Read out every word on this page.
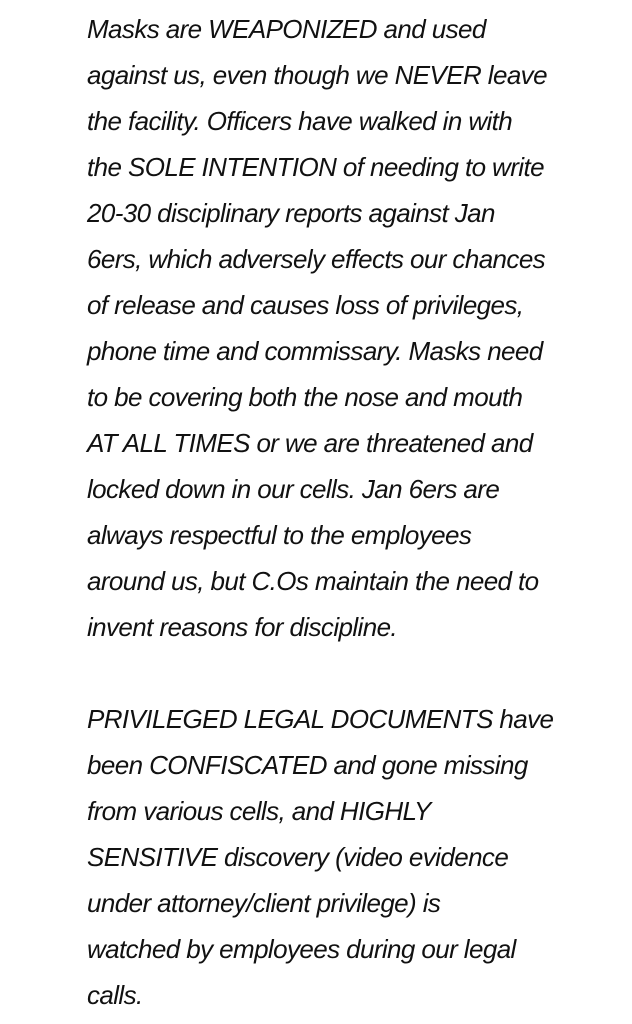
Masks are WEAPONIZED and used
against us, even though we NEVER leave
the facility. Officers have walked in with
the SOLE INTENTION of needing to write
20-30 disciplinary reports against Jan
6ers, which adversely effects our chances
of release and causes loss of privileges,
phone time and commissary. Masks need
to be covering both the nose and mouth
AT ALL TIMES or we are threatened and
locked down in our cells. Jan 6ers are
always respectful to the employees
around us, but C.Os maintain the need to
invent reasons for discipline.

PRIVILEGED LEGAL DOCUMENTS have
been CONFISCATED and gone missing
from various cells, and HIGHLY
SENSITIVE discovery (video evidence
under attorney/client privilege) is
watched by employees during our legal
calls.
